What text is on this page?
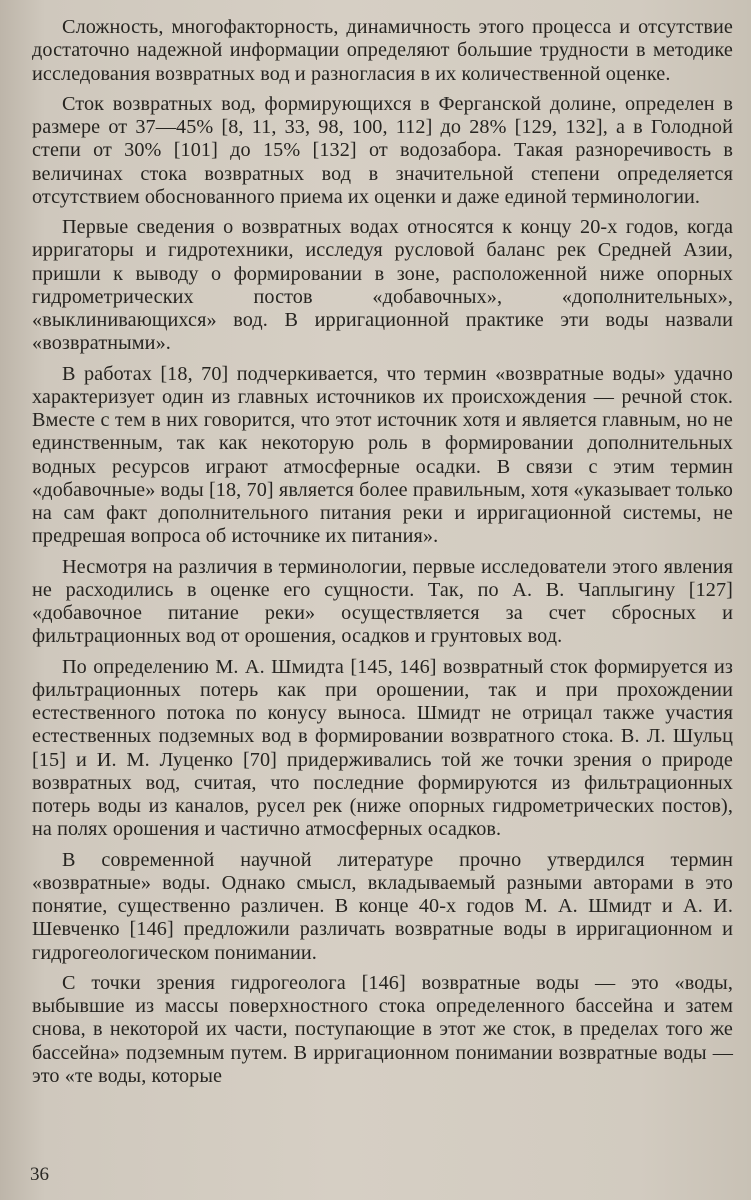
Сложность, многофакторность, динамичность этого процесса и отсутствие достаточно надежной информации определяют большие трудности в методике исследования возвратных вод и разногласия в их количественной оценке.

Сток возвратных вод, формирующихся в Ферганской долине, определен в размере от 37—45% [8, 11, 33, 98, 100, 112] до 28% [129, 132], а в Голодной степи от 30% [101] до 15% [132] от водозабора. Такая разноречивость в величинах стока возвратных вод в значительной степени определяется отсутствием обоснованного приема их оценки и даже единой терминологии.

Первые сведения о возвратных водах относятся к концу 20-х годов, когда ирригаторы и гидротехники, исследуя русловой баланс рек Средней Азии, пришли к выводу о формировании в зоне, расположенной ниже опорных гидрометрических постов «добавочных», «дополнительных», «выклинивающихся» вод. В ирригационной практике эти воды назвали «возвратными».

В работах [18, 70] подчеркивается, что термин «возвратные воды» удачно характеризует один из главных источников их происхождения — речной сток. Вместе с тем в них говорится, что этот источник хотя и является главным, но не единственным, так как некоторую роль в формировании дополнительных водных ресурсов играют атмосферные осадки. В связи с этим термин «добавочные» воды [18, 70] является более правильным, хотя «указывает только на сам факт дополнительного питания реки и ирригационной системы, не предрешая вопроса об источнике их питания».

Несмотря на различия в терминологии, первые исследователи этого явления не расходились в оценке его сущности. Так, по А. В. Чаплыгину [127] «добавочное питание реки» осуществляется за счет сбросных и фильтрационных вод от орошения, осадков и грунтовых вод.

По определению М. А. Шмидта [145, 146] возвратный сток формируется из фильтрационных потерь как при орошении, так и при прохождении естественного потока по конусу выноса. Шмидт не отрицал также участия естественных подземных вод в формировании возвратного стока. В. Л. Шульц [15] и И. М. Луценко [70] придерживались той же точки зрения о природе возвратных вод, считая, что последние формируются из фильтрационных потерь воды из каналов, русел рек (ниже опорных гидрометрических постов), на полях орошения и частично атмосферных осадков.

В современной научной литературе прочно утвердился термин «возвратные» воды. Однако смысл, вкладываемый разными авторами в это понятие, существенно различен. В конце 40-х годов М. А. Шмидт и А. И. Шевченко [146] предложили различать возвратные воды в ирригационном и гидрогеологическом понимании.

С точки зрения гидрогеолога [146] возвратные воды — это «воды, выбывшие из массы поверхностного стока определенного бассейна и затем снова, в некоторой их части, поступающие в этот же сток, в пределах того же бассейна» подземным путем. В ирригационном понимании возвратные воды — это «те воды, которые

36
